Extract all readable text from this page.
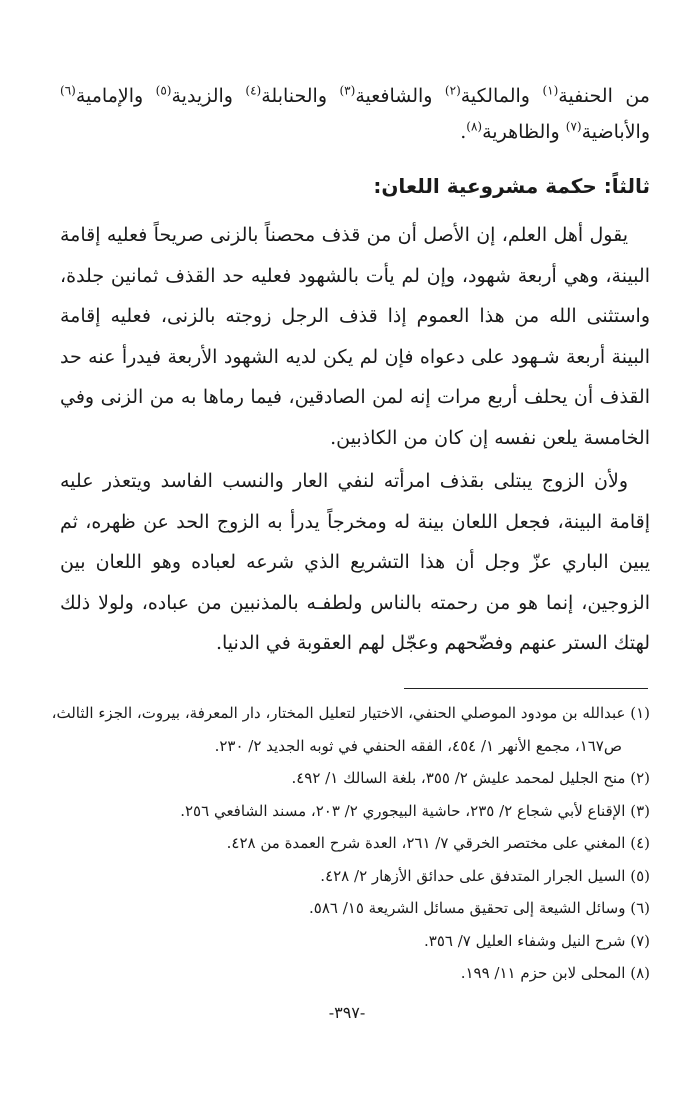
من الحنفية$^{(١)}$ والمالكية$^{(٢)}$ والشافعية$^{(٣)}$ والحنابلة$^{(٤)}$ والزيدية$^{(٥)}$ والإمامية$^{(٦)}$ والأباضية$^{(٧)}$ والظاهرية$^{(٨)}$.

ثالثاً: حكمة مشروعية اللعان:

يقول أهل العلم، إن الأصل أن من قذف محصناً بالزنى صريحاً فعليه إقامة البينة، وهي أربعة شهود، وإن لم يأت بالشهود فعليه حد القذف ثمانين جلدة، واستثنى الله من هذا العموم إذا قذف الرجل زوجته بالزنى، فعليه إقامة البينة أربعة شـهود على دعواه فإن لم يكن لديه الشهود الأربعة فيدرأ عنه حد القذف أن يحلف أربع مرات إنه لمن الصادقين، فيما رماها به من الزنى وفي الخامسة يلعن نفسه إن كان من الكاذبين.

ولأن الزوج يبتلى بقذف امرأته لنفي العار والنسب الفاسد ويتعذر عليه إقامة البينة، فجعل اللعان بينة له ومخرجاً يدرأ به الزوج الحد عن ظهره، ثم يبين الباري عزّ وجل أن هذا التشريع الذي شرعه لعباده وهو اللعان بين الزوجين، إنما هو من رحمته بالناس ولطفـه بالمذنبين من عباده، ولولا ذلك لهتك الستر عنهم وفضّحهم وعجّل لهم العقوبة في الدنيا.

(١) عبدالله بن مودود الموصلي الحنفي، الاختيار لتعليل المختار، دار المعرفة، بيروت، الجزء الثالث،
ص١٦٧، مجمع الأنهر ١/ ٤٥٤، الفقه الحنفي في ثوبه الجديد ٢/ ٢٣٠.
(٢) منح الجليل لمحمد عليش ٢/ ٣٥٥، بلغة السالك ١/ ٤٩٢.
(٣) الإقناع لأبي شجاع ٢/ ٢٣٥، حاشية البيجوري ٢/ ٢٠٣، مسند الشافعي ٢٥٦.
(٤) المغني على مختصر الخرقي ٧/ ٢٦١، العدة شرح العمدة من ٤٢٨.
(٥) السيل الجرار المتدفق على حدائق الأزهار ٢/ ٤٢٨.
(٦) وسائل الشيعة إلى تحقيق مسائل الشريعة ١٥/ ٥٨٦.
(٧) شرح النيل وشفاء العليل ٧/ ٣٥٦.
(٨) المحلى لابن حزم ١١/ ١٩٩.
-٣٩٧-
